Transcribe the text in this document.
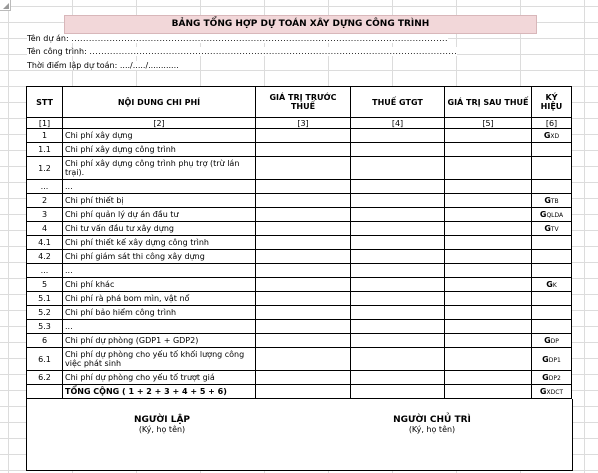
BẢNG TỔNG HỢP DỰ TOÁN XÂY DỰNG CÔNG TRÌNH
Tên dự án: ................................................................................................................................
Tên công trình: .............................................................................................................................
Thời điểm lập dự toán: ..../...../............
STT	NỘI DUNG CHI PHÍ	GIÁ TRỊ TRƯỚC THUẾ	THUẾ GTGT	GIÁ TRỊ SAU THUẾ	KÝ HIỆU
[1]	[2]	[3]	[4]	[5]	[6]
1	Chi phí xây dựng				GXD
1.1	Chi phí xây dựng công trình				
1.2	Chi phí xây dựng công trình phụ trợ (trừ lán trại).				
...	...				
2	Chi phí thiết bị				GTB
3	Chi phí quản lý dự án đầu tư				GQLDA
4	Chi tư vấn đầu tư xây dựng				GTV
4.1	Chi phí thiết kế xây dựng công trình				
4.2	Chi phí giám sát thi công xây dựng				
...	...				
5	Chi phí khác				GK
5.1	Chi phí rà phá bom mìn, vật nổ				
5.2	Chi phí bảo hiểm công trình				
5.3	...				
6	Chi phí dự phòng (GDP1 + GDP2)				GDP
6.1	Chi phí dự phòng cho yếu tố khối lượng công việc phát sinh				GDP1
6.2	Chi phí dự phòng cho yếu tố trượt giá				GDP2
	TỔNG CỘNG ( 1 + 2 + 3 + 4 + 5 + 6)				GXDCT
NGƯỜI LẬP
(Ký, họ tên)
NGƯỜI CHỦ TRÌ
(Ký, họ tên)
